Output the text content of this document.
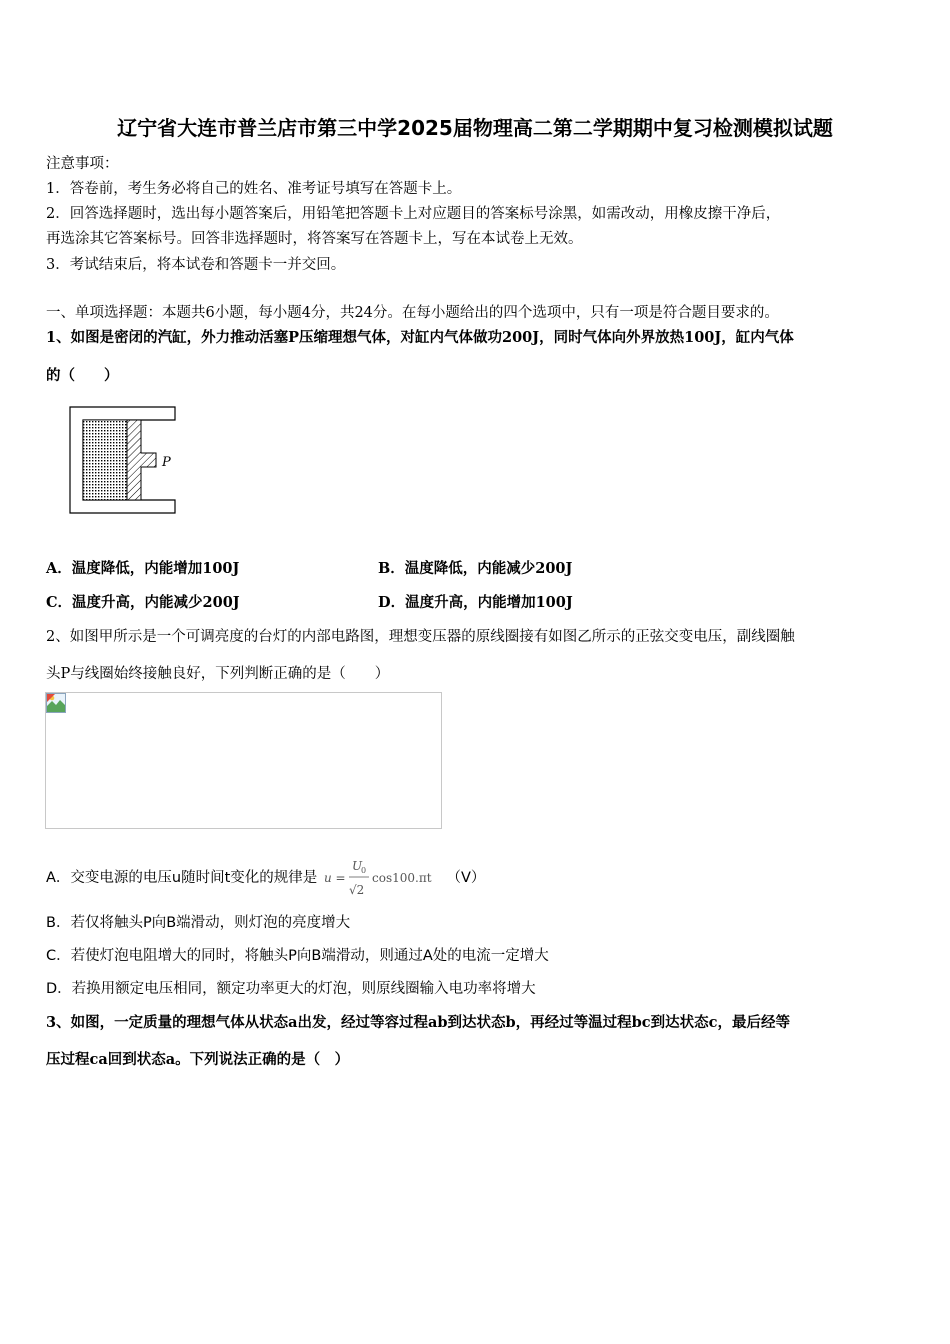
辽宁省大连市普兰店市第三中学2025届物理高二第二学期期中复习检测模拟试题
注意事项：
1．答卷前，考生务必将自己的姓名、准考证号填写在答题卡上。
2．回答选择题时，选出每小题答案后，用铅笔把答题卡上对应题目的答案标号涂黑，如需改动，用橡皮擦干净后，
再选涂其它答案标号。回答非选择题时，将答案写在答题卡上，写在本试卷上无效。
3．考试结束后，将本试卷和答题卡一并交回。
一、单项选择题：本题共6小题，每小题4分，共24分。在每小题给出的四个选项中，只有一项是符合题目要求的。
1、如图是密闭的汽缸，外力推动活塞P压缩理想气体，对缸内气体做功200J，同时气体向外界放热100J，缸内气体
的（　　）
P
A．温度降低，内能增加100J	B．温度降低，内能减少200J
C．温度升高，内能减少200J	D．温度升高，内能增加100J
2、如图甲所示是一个可调亮度的台灯的内部电路图，理想变压器的原线圈接有如图乙所示的正弦交变电压，副线圈触
头P与线圈始终接触良好，下列判断正确的是（　　）
A．交变电源的电压u随时间t变化的规律是 u =
U
0
√2
cos100.πt （V）
B．若仅将触头P向B端滑动，则灯泡的亮度增大
C．若使灯泡电阻增大的同时，将触头P向B端滑动，则通过A处的电流一定增大
D．若换用额定电压相同，额定功率更大的灯泡，则原线圈输入电功率将增大
3、如图，一定质量的理想气体从状态a出发，经过等容过程ab到达状态b，再经过等温过程bc到达状态c，最后经等
压过程ca回到状态a。下列说法正确的是（　）
